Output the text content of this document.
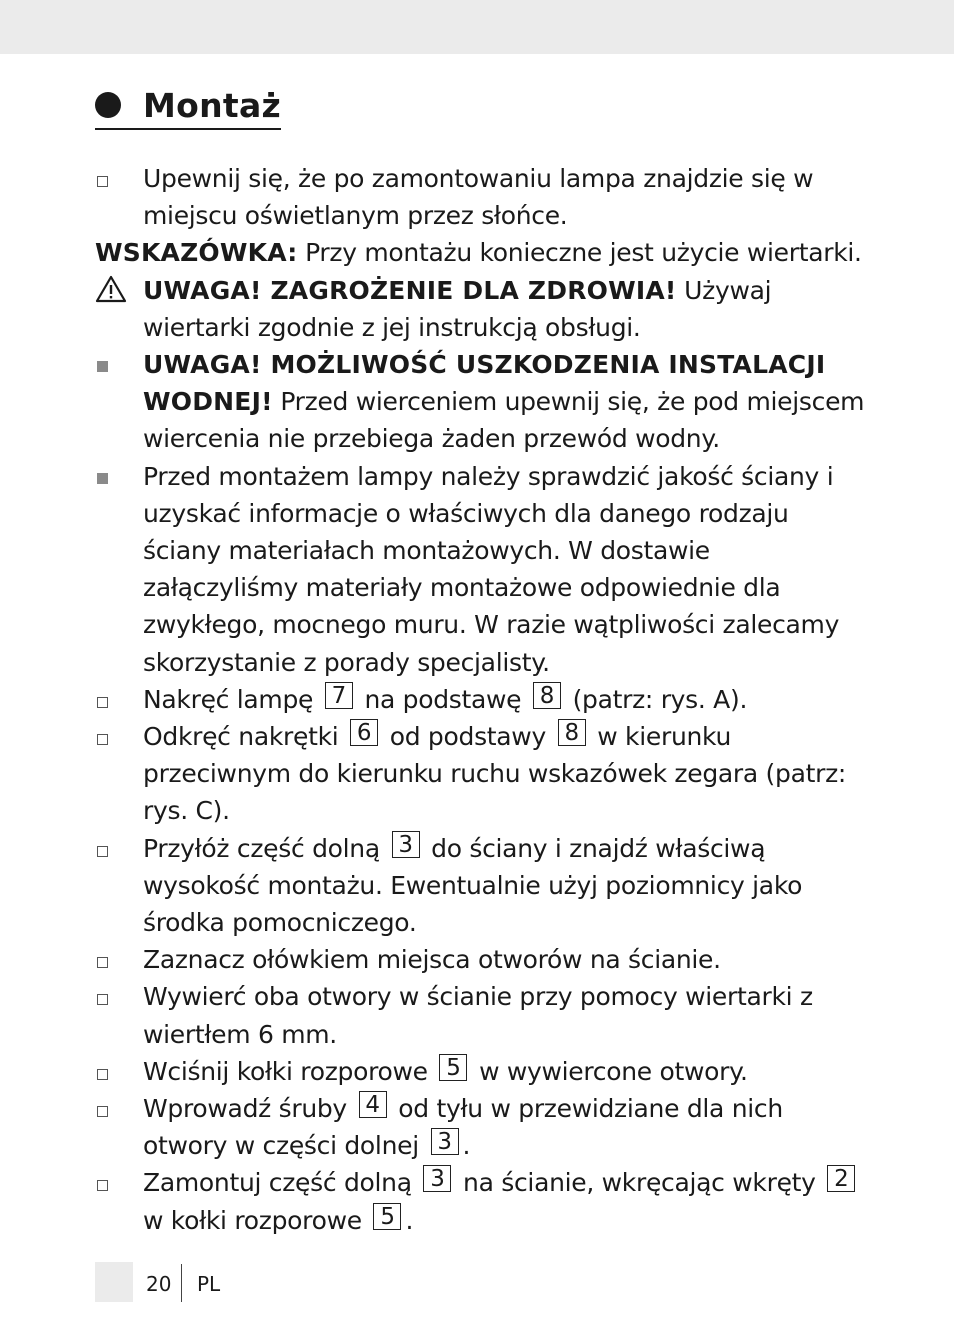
Montaż
Upewnij się, że po zamontowaniu lampa znajdzie się w miejscu oświetlanym przez słońce.
WSKAZÓWKA: Przy montażu konieczne jest użycie wiertarki.
UWAGA! ZAGROŻENIE DLA ZDROWIA! Używaj wiertarki zgodnie z jej instrukcją obsługi.
UWAGA! MOŻLIWOŚĆ USZKODZENIA INSTALACJI WODNEJ! Przed wierceniem upewnij się, że pod miejscem wiercenia nie przebiega żaden przewód wodny.
Przed montażem lampy należy sprawdzić jakość ściany i uzyskać informacje o właściwych dla danego rodzaju ściany materiałach montażowych. W dostawie załączyliśmy materiały montażowe odpowiednie dla zwykłego, mocnego muru. W razie wątpliwości zalecamy skorzystanie z porady specjalisty.
Nakręć lampę 7 na podstawę 8 (patrz: rys. A).
Odkręć nakrętki 6 od podstawy 8 w kierunku przeciwnym do kierunku ruchu wskazówek zegara (patrz: rys. C).
Przyłóż część dolną 3 do ściany i znajdź właściwą wysokość montażu. Ewentualnie użyj poziomnicy jako środka pomocniczego.
Zaznacz ołówkiem miejsca otworów na ścianie.
Wywierć oba otwory w ścianie przy pomocy wiertarki z wiertłem 6 mm.
Wciśnij kołki rozporowe 5 w wywiercone otwory.
Wprowadź śruby 4 od tyłu w przewidziane dla nich otwory w części dolnej 3 .
Zamontuj część dolną 3 na ścianie, wkręcając wkręty 2 w kołki rozporowe 5 .
20 PL
